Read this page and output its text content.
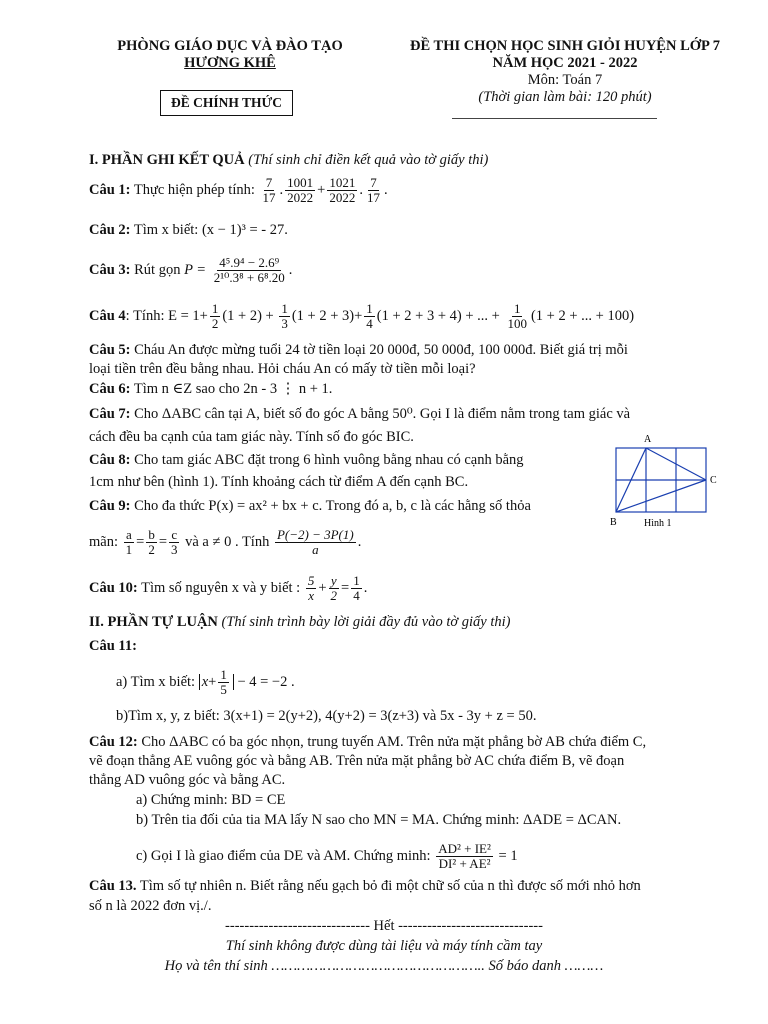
PHÒNG GIÁO DỤC VÀ ĐÀO TẠO
HƯƠNG KHÊ
ĐỀ CHÍNH THỨC
ĐỀ THI CHỌN HỌC SINH GIỎI HUYỆN LỚP 7
NĂM HỌC 2021 - 2022
Môn: Toán 7
(Thời gian làm bài: 120 phút)
I. PHẦN GHI KẾT QUẢ (Thí sinh chỉ điền kết quả vào tờ giấy thi)
Câu 1: Thực hiện phép tính: $\frac{7}{17}$ . $\frac{1001}{2022} + \frac{1021}{2022}$ . $\frac{7}{17}$ .
Câu 2: Tìm x biết: (x − 1)³ = - 27.
Câu 3: Rút gọn $P = \frac{\text{4⁵.9⁴ − 2.6⁹}}{\text{2¹⁰.3⁸ + 6⁸.20}}$ .
Câu 4: Tính: $E = 1+ \frac{1}{2} (1 + 2) + \frac{1}{3} (1 + 2 + 3)+ \frac{1}{4} (1 + 2 + 3 + 4)$ + ... + $\frac{1}{100} (1 + 2$ + ... + 100)
Câu 5: Cháu An được mừng tuổi 24 tờ tiền loại 20 000đ, 50 000đ, 100 000đ. Biết giá trị mỗi
loại tiền trên đều bằng nhau. Hỏi cháu An có mấy tờ tiền mỗi loại?
Câu 6: Tìm n ∈Z sao cho 2n - 3 ⋮ n + 1.
Câu 7: Cho ΔABC cân tại A, biết số đo góc A bằng 50⁰. Gọi I là điểm nằm trong tam giác và
cách đều ba cạnh của tam giác này. Tính số đo góc BIC.
Câu 8: Cho tam giác ABC đặt trong 6 hình vuông bằng nhau có cạnh bằng
1cm như bên (hình 1). Tính khoảng cách từ điểm A đến cạnh BC.
Câu 9: Cho đa thức P(x) = ax² + bx + c. Trong đó a, b, c là các hằng số thỏa
mãn: $\frac{a}{1} = \frac{b}{2} = \frac{c}{3}$ và a ≠ 0 . Tính $\frac{P(-2) - 3P(1)}{a}$ .
Câu 10: Tìm số nguyên x và y biết : $\frac{5}{x} + \frac{y}{2} = \frac{1}{4}$ .
A
C
B	Hình 1
II. PHẦN TỰ LUẬN (Thí sinh trình bày lời giải đầy đủ vào tờ giấy thi)
Câu 11:
a) Tìm x biết: $x+ \frac{1}{5} - 4 = -2$ .
b)Tìm x, y, z biết: 3(x+1) = 2(y+2), 4(y+2) = 3(z+3) và 5x - 3y + z = 50.
Câu 12: Cho ΔABC có ba góc nhọn, trung tuyến AM. Trên nửa mặt phẳng bờ AB chứa điểm C,
vẽ đoạn thẳng AE vuông góc và bằng AB. Trên nửa mặt phẳng bờ AC chứa điểm B, vẽ đoạn
thẳng AD vuông góc và bằng AC.
a) Chứng minh: BD = CE
b) Trên tia đối của tia MA lấy N sao cho MN = MA. Chứng minh: ΔADE = ΔCAN.
c) Gọi I là giao điểm của DE và AM. Chứng minh: $\frac{\text{AD² + IE²}}{\text{DI² + AE²}} = 1$
Câu 13. Tìm số tự nhiên n. Biết rằng nếu gạch bỏ đi một chữ số của n thì được số mới nhỏ hơn
số n là 2022 đơn vị./.
------------------------------ Hết ------------------------------
Thí sinh không được dùng tài liệu và máy tính cầm tay
Họ và tên thí sinh ………………………………………….. Số báo danh ………
